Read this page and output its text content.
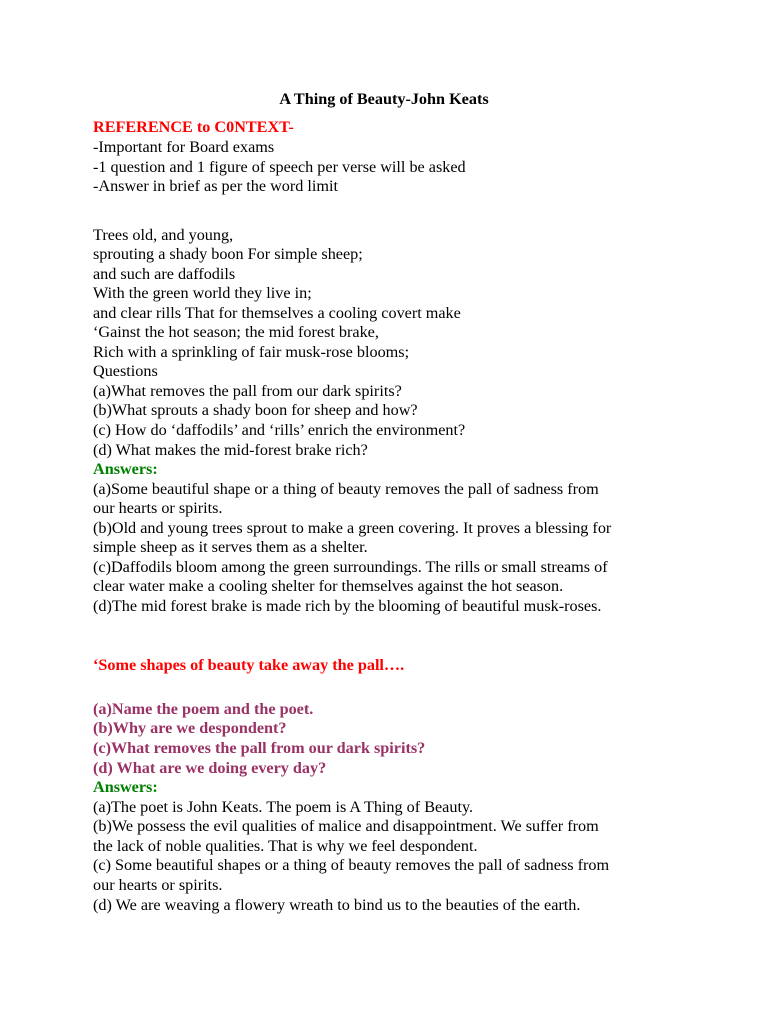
A Thing of Beauty-John Keats
REFERENCE to C0NTEXT-
-Important for Board exams
-1 question and 1 figure of speech per verse will be asked
-Answer in brief as per the word limit
Trees old, and young,
sprouting a shady boon For simple sheep;
and such are daffodils
With the green world they live in;
and clear rills That for themselves a cooling covert make
‘Gainst the hot season; the mid forest brake,
Rich with a sprinkling of fair musk-rose blooms;
Questions
(a)What removes the pall from our dark spirits?
(b)What sprouts a shady boon for sheep and how?
(c) How do ‘daffodils’ and ‘rills’ enrich the environment?
(d) What makes the mid-forest brake rich?
Answers:
(a)Some beautiful shape or a thing of beauty removes the pall of sadness from
our hearts or spirits.
(b)Old and young trees sprout to make a green covering. It proves a blessing for
simple sheep as it serves them as a shelter.
(c)Daffodils bloom among the green surroundings. The rills or small streams of
clear water make a cooling shelter for themselves against the hot season.
(d)The mid forest brake is made rich by the blooming of beautiful musk-roses.
‘Some shapes of beauty take away the pall….
(a)Name the poem and the poet.
(b)Why are we despondent?
(c)What removes the pall from our dark spirits?
(d) What are we doing every day?
Answers:
(a)The poet is John Keats. The poem is A Thing of Beauty.
(b)We possess the evil qualities of malice and disappointment. We suffer from
the lack of noble qualities. That is why we feel despondent.
(c) Some beautiful shapes or a thing of beauty removes the pall of sadness from
our hearts or spirits.
(d) We are weaving a flowery wreath to bind us to the beauties of the earth.
